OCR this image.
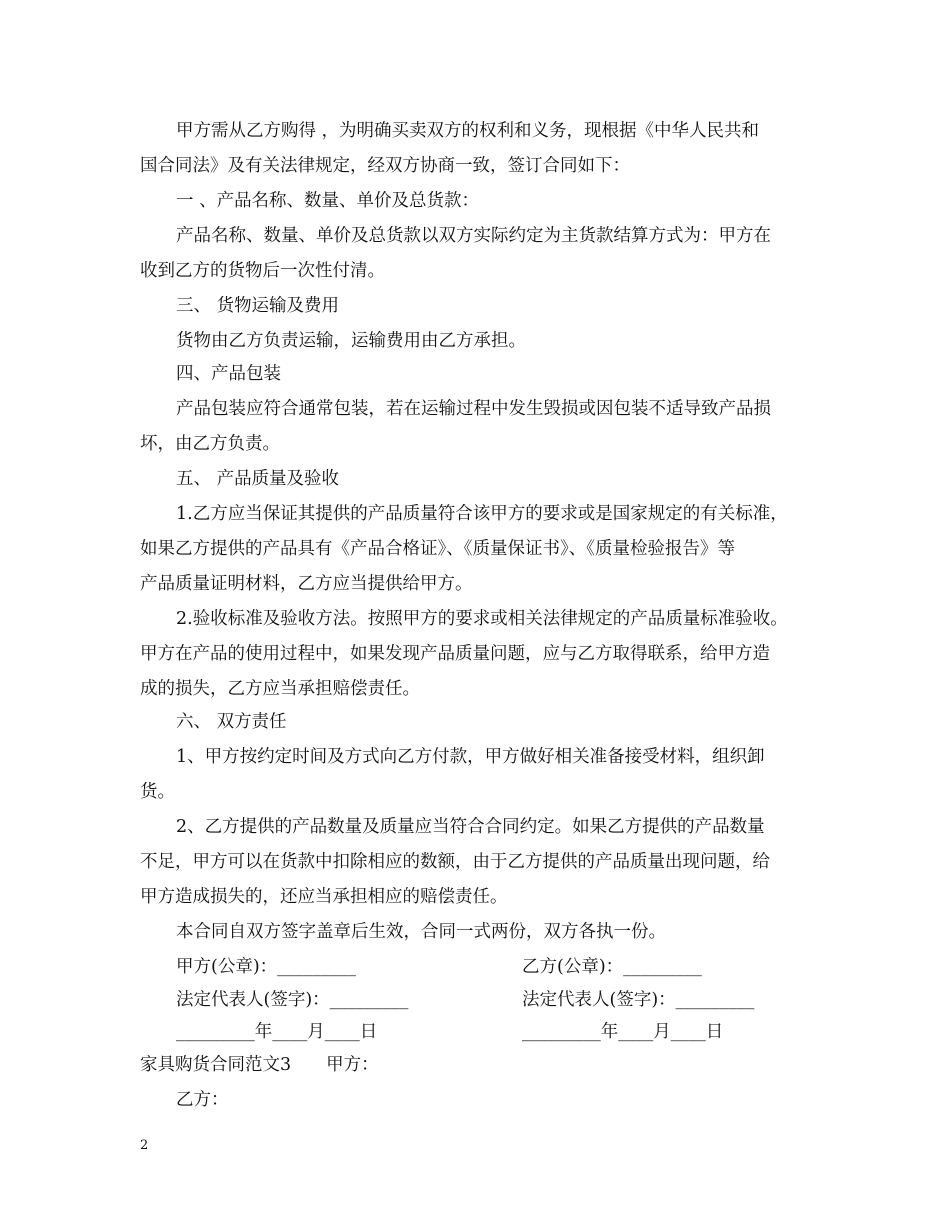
甲方需从乙方购得 ，为明确买卖双方的权利和义务，现根据《中华人民共和
国合同法》及有关法律规定，经双方协商一致，签订合同如下：
一 、产品名称、数量、单价及总货款：
产品名称、数量、单价及总货款以双方实际约定为主货款结算方式为：甲方在
收到乙方的货物后一次性付清。
三、 货物运输及费用
货物由乙方负责运输，运输费用由乙方承担。
四、产品包装
产品包装应符合通常包装，若在运输过程中发生毁损或因包装不适导致产品损
坏，由乙方负责。
五、 产品质量及验收
1.乙方应当保证其提供的产品质量符合该甲方的要求或是国家规定的有关标准，
如果乙方提供的产品具有《产品合格证》、《质量保证书》、《质量检验报告》等
产品质量证明材料，乙方应当提供给甲方。
2.验收标准及验收方法。按照甲方的要求或相关法律规定的产品质量标准验收。
甲方在产品的使用过程中，如果发现产品质量问题，应与乙方取得联系，给甲方造
成的损失，乙方应当承担赔偿责任。
六、 双方责任
1、甲方按约定时间及方式向乙方付款，甲方做好相关准备接受材料，组织卸
货。
2、乙方提供的产品数量及质量应当符合合同约定。如果乙方提供的产品数量
不足，甲方可以在货款中扣除相应的数额，由于乙方提供的产品质量出现问题，给
甲方造成损失的，还应当承担相应的赔偿责任。
本合同自双方签字盖章后生效，合同一式两份，双方各执一份。
甲方(公章)：_________	乙方(公章)：_________
法定代表人(签字)：_________	法定代表人(签字)：_________
_________年____月____日	_________年____月____日
家具购货合同范文3　　甲方：
乙方：
2
